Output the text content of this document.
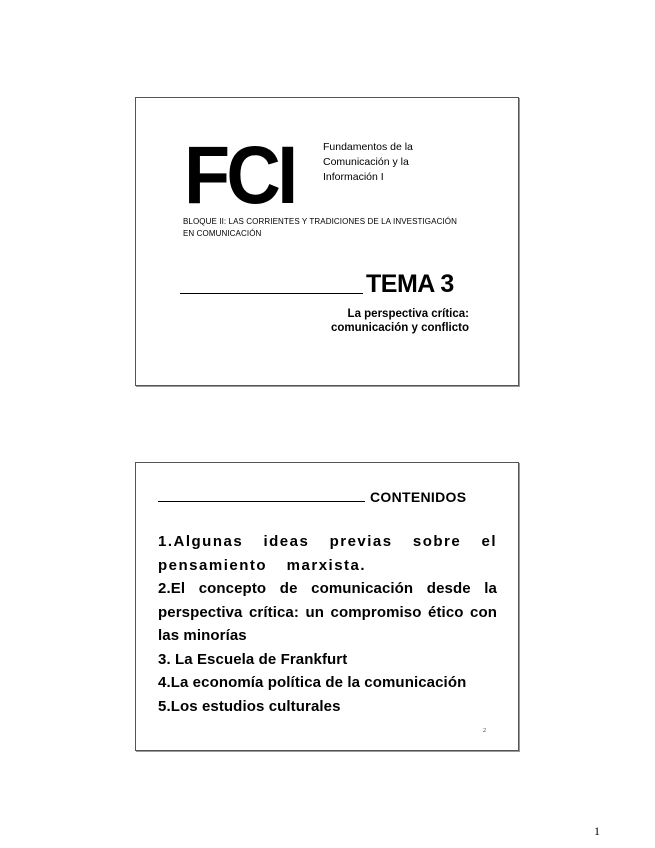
FCI	Fundamentos de la
Comunicación y la
Información I
BLOQUE II: LAS CORRIENTES Y TRADICIONES DE LA INVESTIGACIÓN
EN COMUNICACIÓN
TEMA 3
La perspectiva crítica:
comunicación y conflicto
CONTENIDOS
1.Algunas ideas previas sobre el pensamiento marxista.
2.El concepto de comunicación desde la perspectiva crítica: un compromiso ético con las minorías
3. La Escuela de Frankfurt
4.La economía política de la comunicación
5.Los estudios culturales
2
1
